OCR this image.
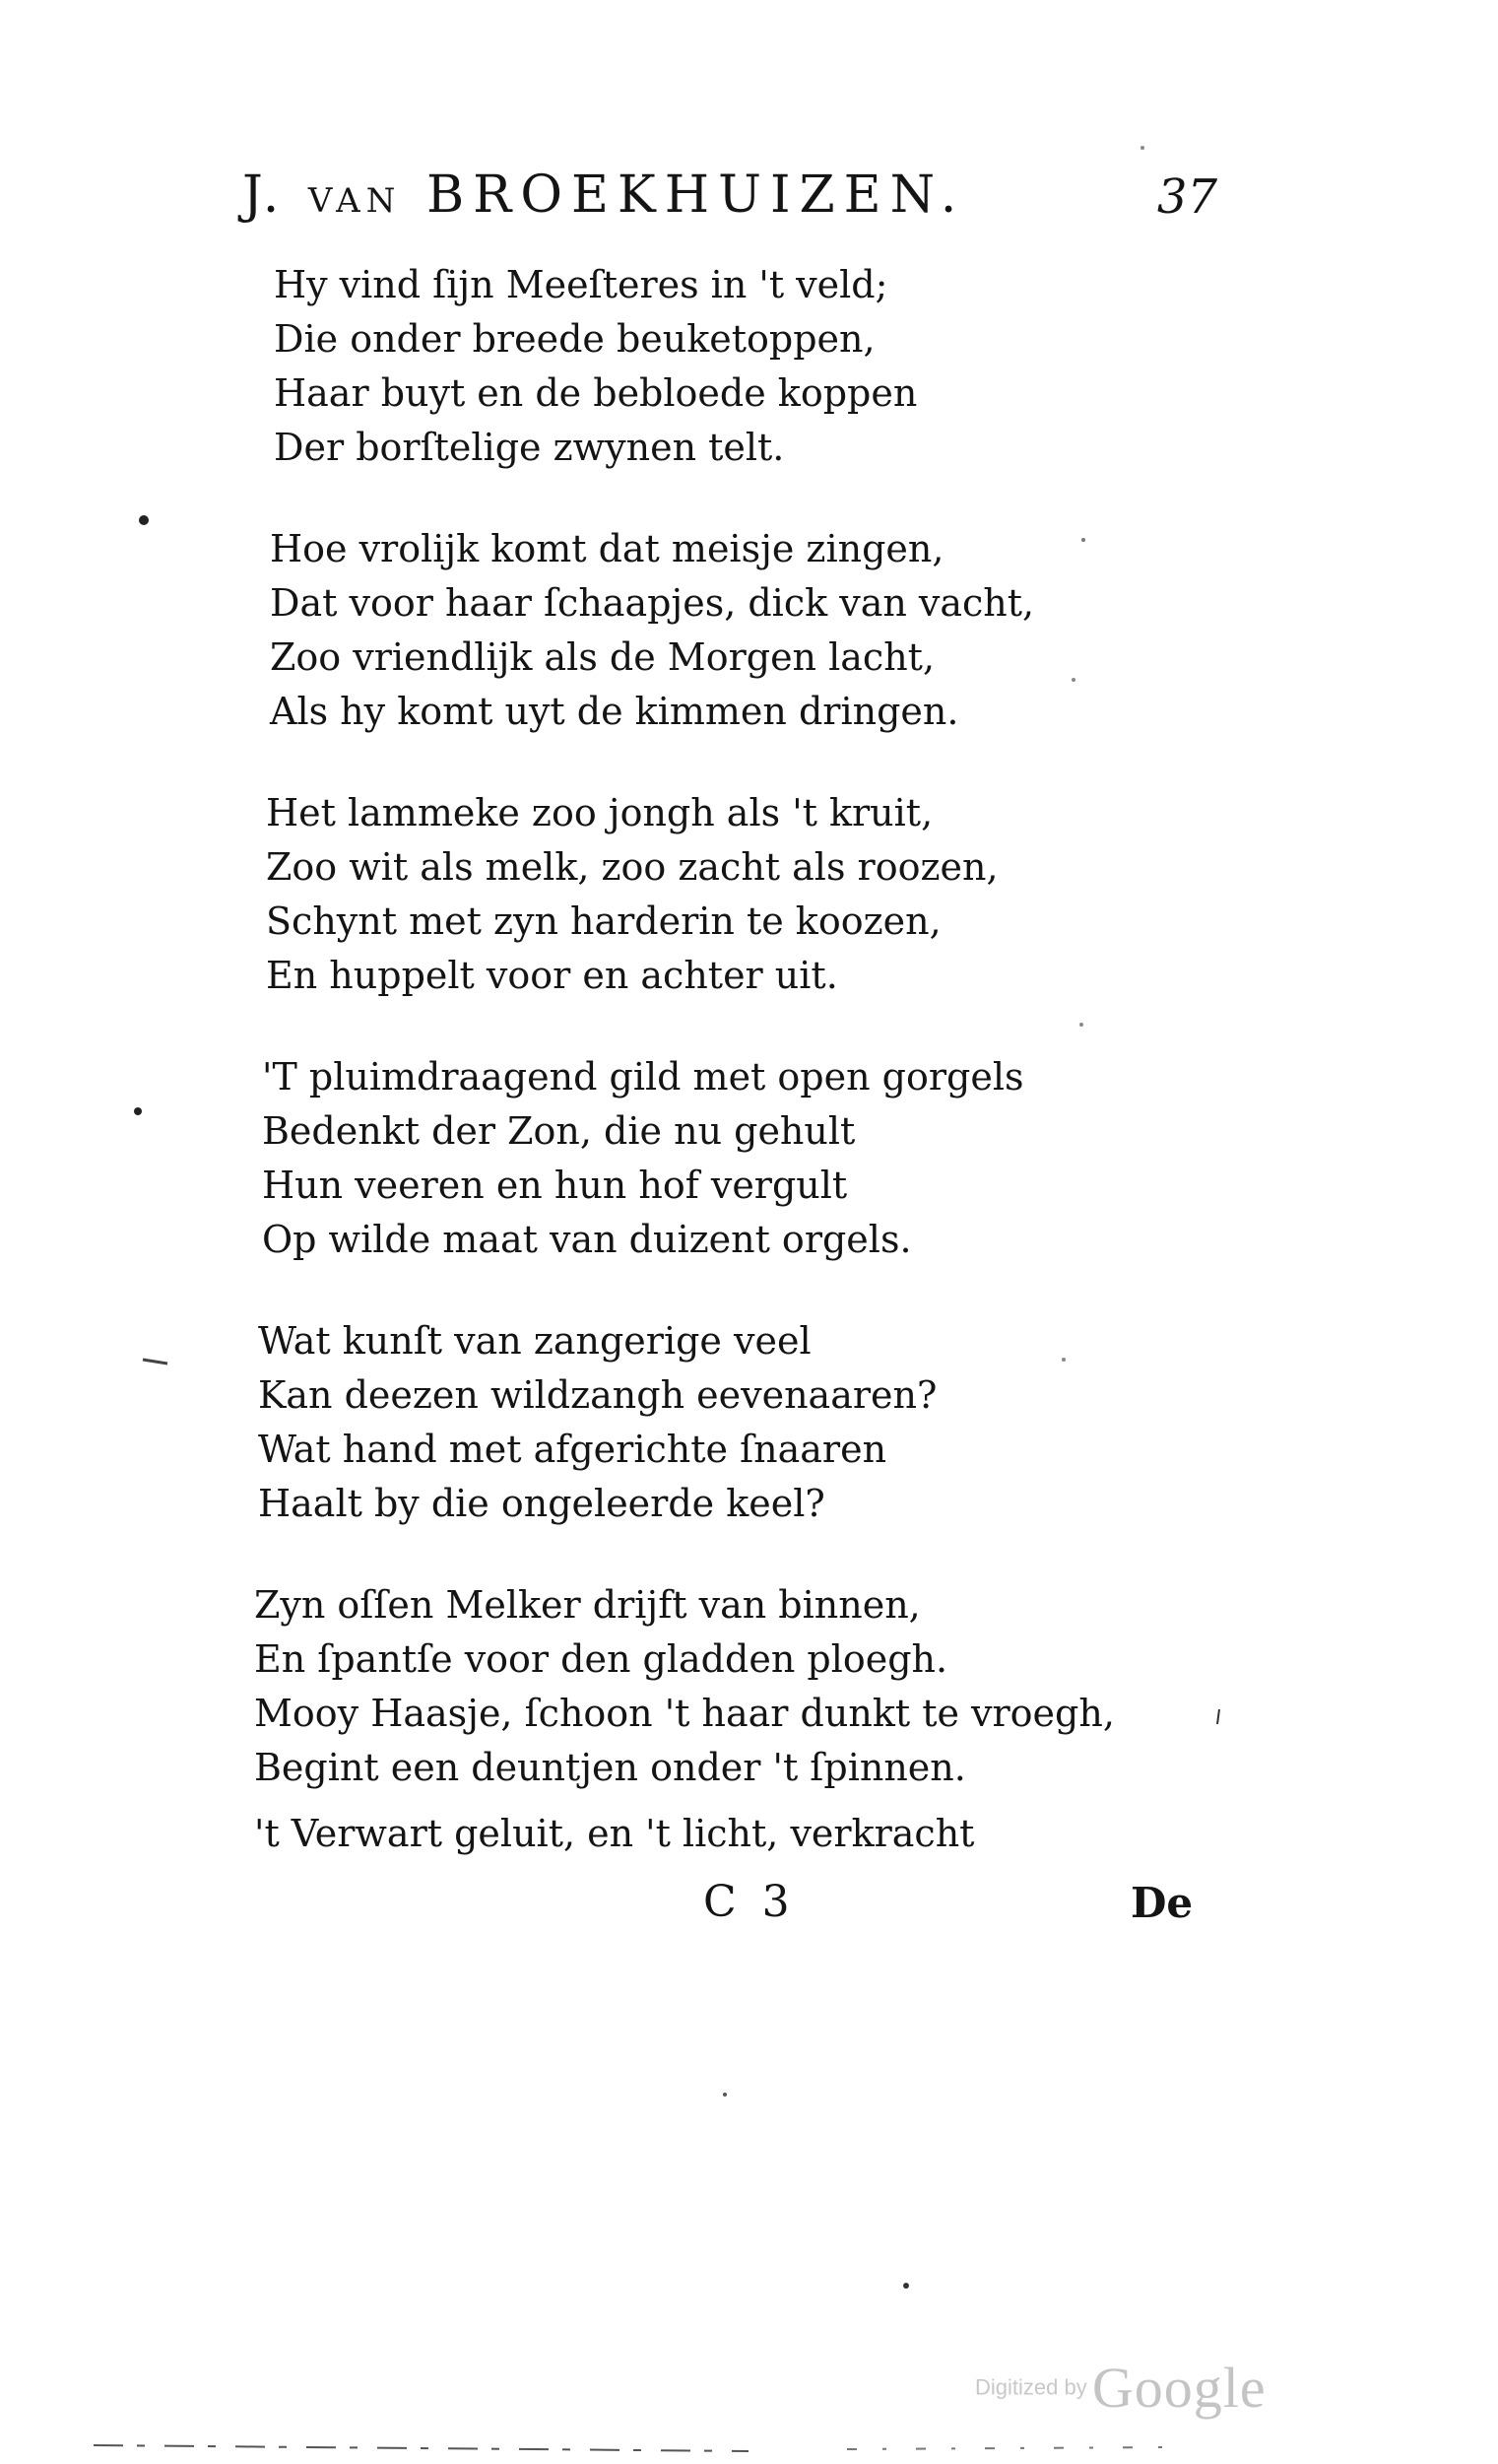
J. VAN BROEKHUIZEN.	37
Hy vind ſijn Meeſteres in 't veld;
Die onder breede beuketoppen,
Haar buyt en de bebloede koppen
Der borſtelige zwynen telt.
Hoe vrolijk komt dat meisje zingen,
Dat voor haar ſchaapjes, dick van vacht,
Zoo vriendlijk als de Morgen lacht,
Als hy komt uyt de kimmen dringen.
Het lammeke zoo jongh als 't kruit,
Zoo wit als melk, zoo zacht als roozen,
Schynt met zyn harderin te koozen,
En huppelt voor en achter uit.
'T pluimdraagend gild met open gorgels
Bedenkt der Zon, die nu gehult
Hun veeren en hun hof vergult
Op wilde maat van duizent orgels.
Wat kunſt van zangerige veel
Kan deezen wildzangh eevenaaren?
Wat hand met afgerichte ſnaaren
Haalt by die ongeleerde keel?
Zyn oſſen Melker drijft van binnen,
En ſpantſe voor den gladden ploegh.
Mooy Haasje, ſchoon 't haar dunkt te vroegh,
Begint een deuntjen onder 't ſpinnen.
't Verwart geluit, en 't licht, verkracht
C 3	De
Digitized by Google
